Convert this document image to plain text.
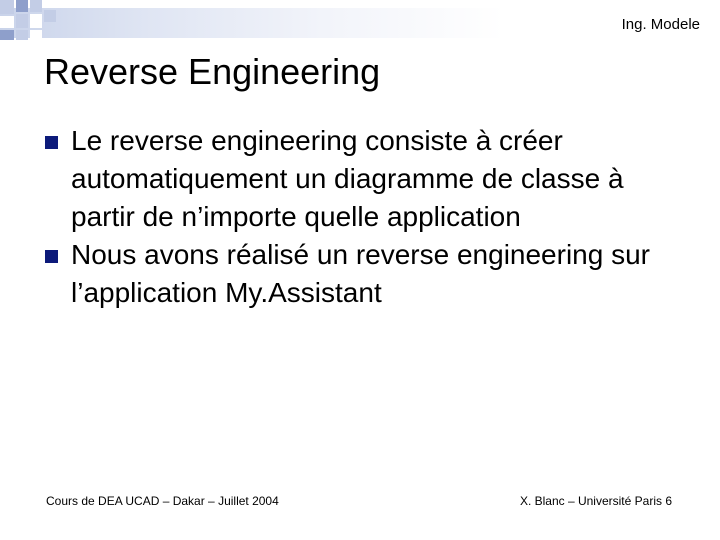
Ing. Modele
Reverse Engineering
Le reverse engineering consiste à créer automatiquement un diagramme de classe à partir de n’importe quelle application
Nous avons réalisé un reverse engineering sur l’application My.Assistant
Cours de DEA UCAD – Dakar – Juillet 2004	X. Blanc – Université Paris 6
